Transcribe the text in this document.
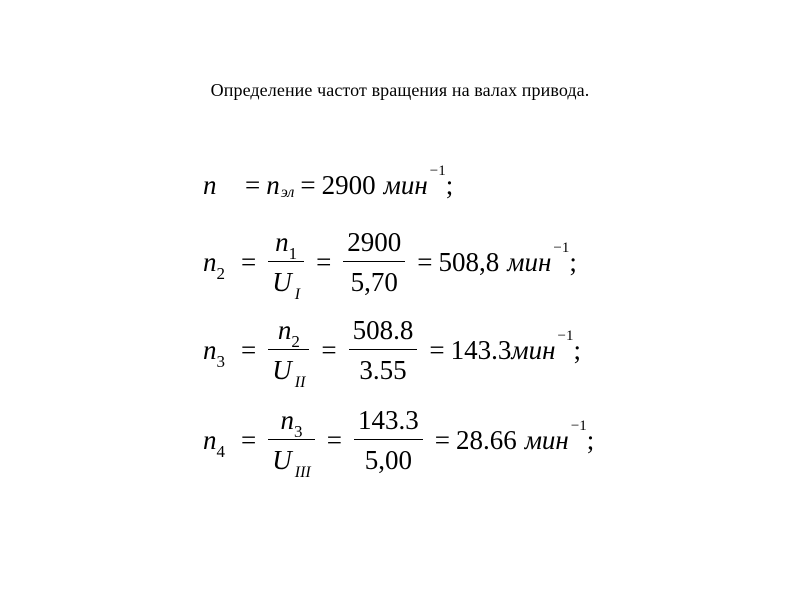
Определение частот вращения на валах привода.
n	= n эл = 2900 мин −1 ;
$n_2 = \frac{n_1}{U _I} = \frac{2900}{5,70} = 508,8$ мин −1 ;
$n_3 = \frac{n_2}{U _{II}} = \frac{508.8}{3.55} = 143.3$ мин −1 ;
$n_4 = \frac{n_3}{U _{III}} = \frac{143.3}{5,00} = 28.66$ мин −1 ;
